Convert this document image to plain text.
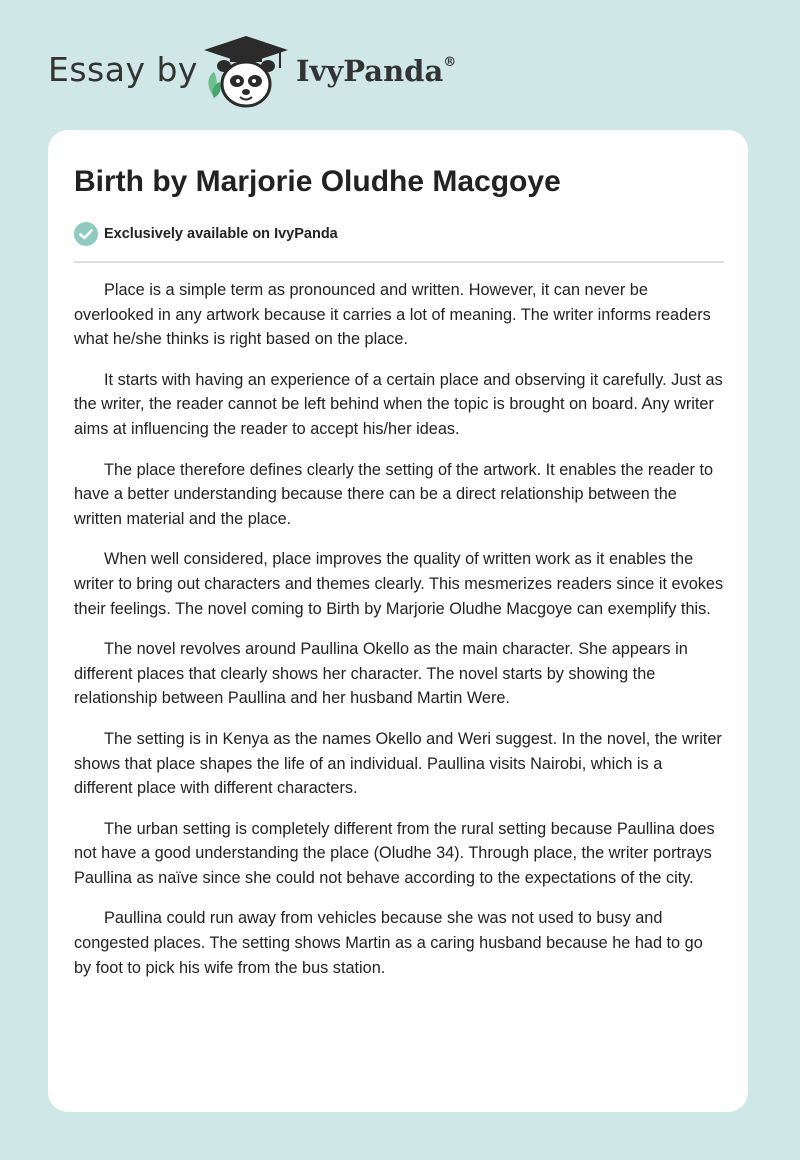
Essay by	IvyPanda®
Birth by Marjorie Oludhe Macgoye
Exclusively available on IvyPanda

Place is a simple term as pronounced and written. However, it can never be overlooked in any artwork because it carries a lot of meaning. The writer informs readers what he/she thinks is right based on the place.

It starts with having an experience of a certain place and observing it carefully. Just as the writer, the reader cannot be left behind when the topic is brought on board. Any writer aims at influencing the reader to accept his/her ideas.

The place therefore defines clearly the setting of the artwork. It enables the reader to have a better understanding because there can be a direct relationship between the written material and the place.

When well considered, place improves the quality of written work as it enables the writer to bring out characters and themes clearly. This mesmerizes readers since it evokes their feelings. The novel coming to Birth by Marjorie Oludhe Macgoye can exemplify this.

The novel revolves around Paullina Okello as the main character. She appears in different places that clearly shows her character. The novel starts by showing the relationship between Paullina and her husband Martin Were.

The setting is in Kenya as the names Okello and Weri suggest. In the novel, the writer shows that place shapes the life of an individual. Paullina visits Nairobi, which is a different place with different characters.

The urban setting is completely different from the rural setting because Paullina does not have a good understanding the place (Oludhe 34). Through place, the writer portrays Paullina as naïve since she could not behave according to the expectations of the city.

Paullina could run away from vehicles because she was not used to busy and congested places. The setting shows Martin as a caring husband because he had to go by foot to pick his wife from the bus station.
